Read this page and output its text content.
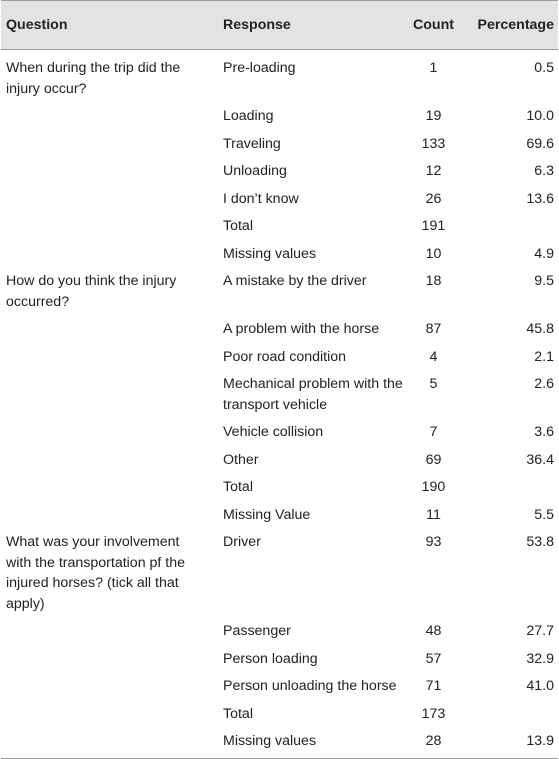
Question	Response	Count	Percentage
When during the trip did the injury occur?	Pre-loading	1	0.5
	Loading	19	10.0
	Traveling	133	69.6
	Unloading	12	6.3
	I don’t know	26	13.6
	Total	191	
	Missing values	10	4.9
How do you think the injury occurred?	A mistake by the driver	18	9.5
	A problem with the horse	87	45.8
	Poor road condition	4	2.1
	Mechanical problem with the transport vehicle	5	2.6
	Vehicle collision	7	3.6
	Other	69	36.4
	Total	190	
	Missing Value	11	5.5
What was your involvement with the transportation pf the injured horses? (tick all that apply)	Driver	93	53.8
	Passenger	48	27.7
	Person loading	57	32.9
	Person unloading the horse	71	41.0
	Total	173	
	Missing values	28	13.9
